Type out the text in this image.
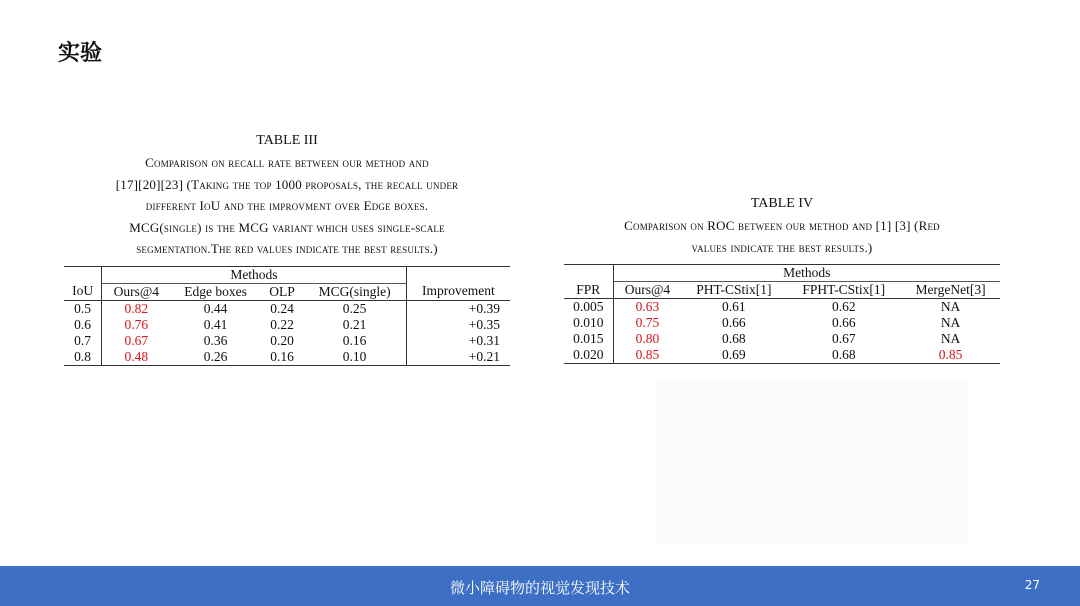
实验
TABLE III
Comparison on recall rate between our method and
[17][20][23] (Taking the top 1000 proposals, the recall under
different IoU and the improvment over Edge boxes.
MCG(single) is the MCG variant which uses single-scale
segmentation.The red values indicate the best results.)
	Methods				
IoU	Ours@4	Edge boxes	OLP	MCG(single)	Improvement
0.5	0.82	0.44	0.24	0.25	+0.39
0.6	0.76	0.41	0.22	0.21	+0.35
0.7	0.67	0.36	0.20	0.16	+0.31
0.8	0.48	0.26	0.16	0.10	+0.21
TABLE IV
Comparison on ROC between our method and [1] [3] (Red
values indicate the best results.)
	Methods			
FPR	Ours@4	PHT-CStix[1]	FPHT-CStix[1]	MergeNet[3]
0.005	0.63	0.61	0.62	NA
0.010	0.75	0.66	0.66	NA
0.015	0.80	0.68	0.67	NA
0.020	0.85	0.69	0.68	0.85
微小障碍物的视觉发现技术	27
